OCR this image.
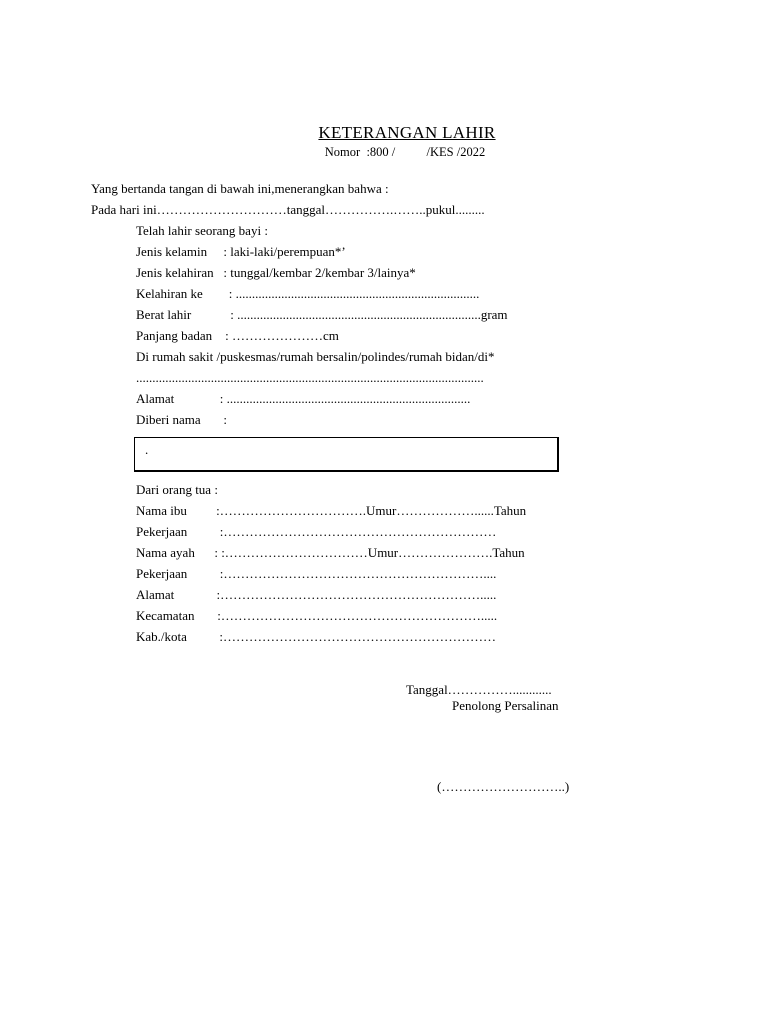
KETERANGAN LAHIR
Nomor  :800 /          /KES /2022
Yang bertanda tangan di bawah ini,menerangkan bahwa :
Pada hari ini…………………………tanggal…………….……..pukul.........
Telah lahir seorang bayi :
Jenis kelamin     : laki-laki/perempuan*’
Jenis kelahiran   : tunggal/kembar 2/kembar 3/lainya*
Kelahiran ke        : ...........................................................................
Berat lahir            : ...........................................................................gram
Panjang badan    : …………………cm
Di rumah sakit /puskesmas/rumah bersalin/polindes/rumah bidan/di*
...........................................................................................................
Alamat              : ...........................................................................
Diberi nama       :
.
Dari orang tua :
Nama ibu         :…………………………….Umur………………......Tahun
Pekerjaan          :………………………………………………………
Nama ayah      : :……………………………Umur………………….Tahun
Pekerjaan          :……………………………………………………....
Alamat             :…………………………………………………….....
Kecamatan       :…………………………………………………….....
Kab./kota          :………………………………………………………
Tanggal……………............
Penolong Persalinan
(………………………..)
